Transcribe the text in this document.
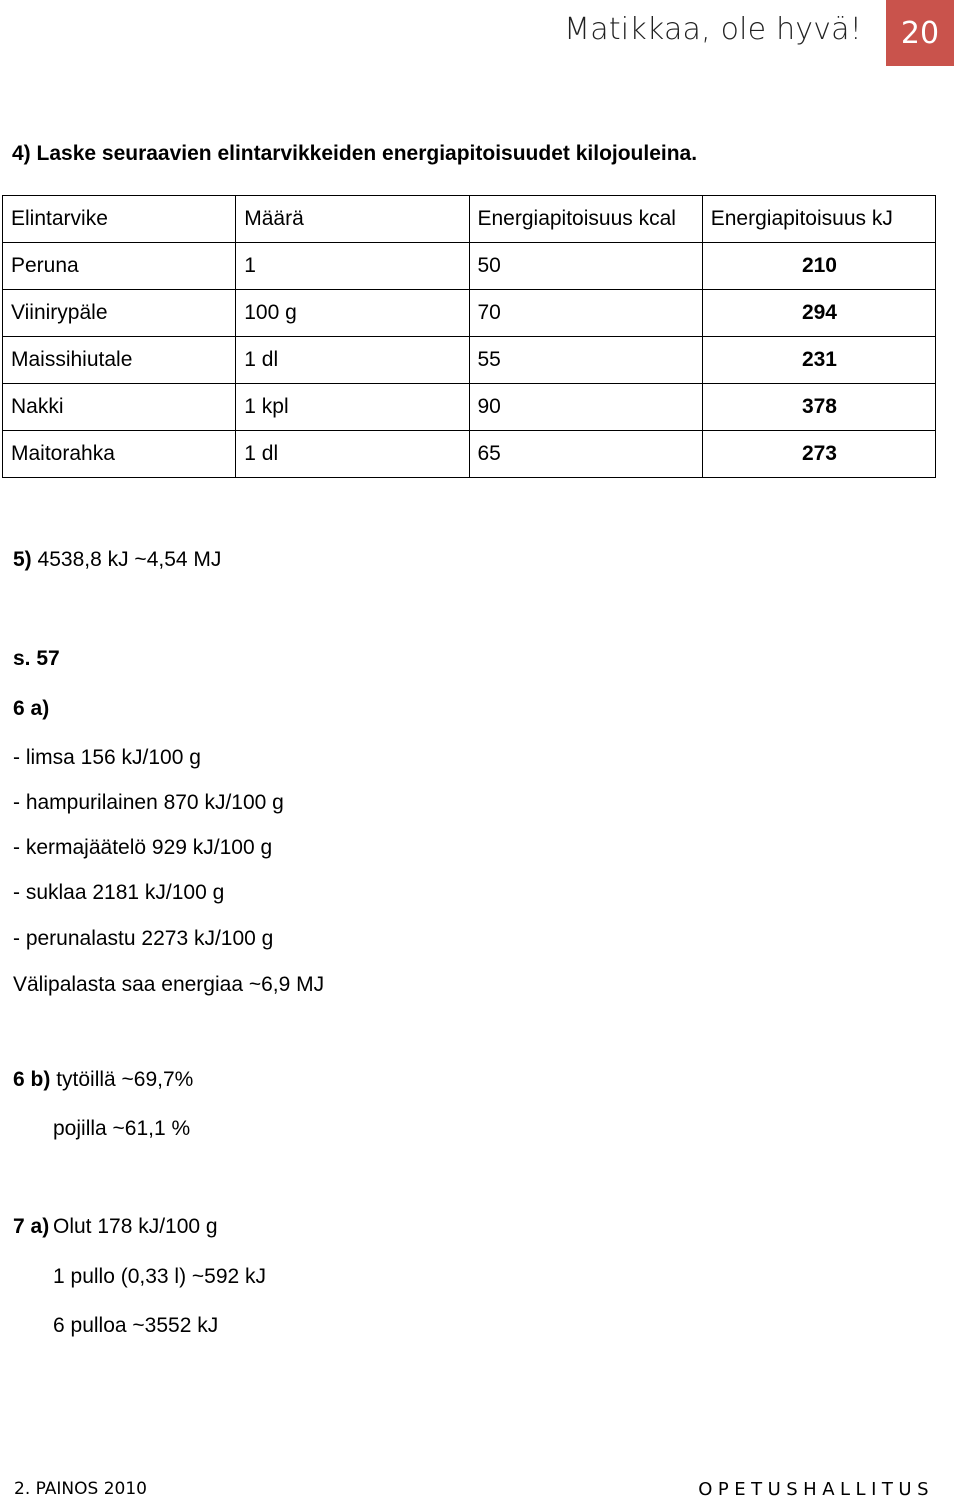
Matikkaa, ole hyvä!	20
4) Laske seuraavien elintarvikkeiden energiapitoisuudet kilojouleina.
Elintarvike	Määrä	Energiapitoisuus kcal	Energiapitoisuus kJ
Peruna	1	50	210
Viinirypäle	100 g	70	294
Maissihiutale	1 dl	55	231
Nakki	1 kpl	90	378
Maitorahka	1 dl	65	273
5) 4538,8 kJ ~4,54 MJ
s. 57
6 a)
- limsa 156 kJ/100 g
- hampurilainen 870 kJ/100 g
- kermajäätelö 929 kJ/100 g
- suklaa 2181 kJ/100 g
- perunalastu 2273 kJ/100 g
Välipalasta saa energiaa ~6,9 MJ
6 b) tytöillä ~69,7%
pojilla ~61,1 %
7 a) Olut 178 kJ/100 g
1 pullo (0,33 l) ~592 kJ
6 pulloa ~3552 kJ
2. PAINOS 2010	OPETUSHALLITUS
